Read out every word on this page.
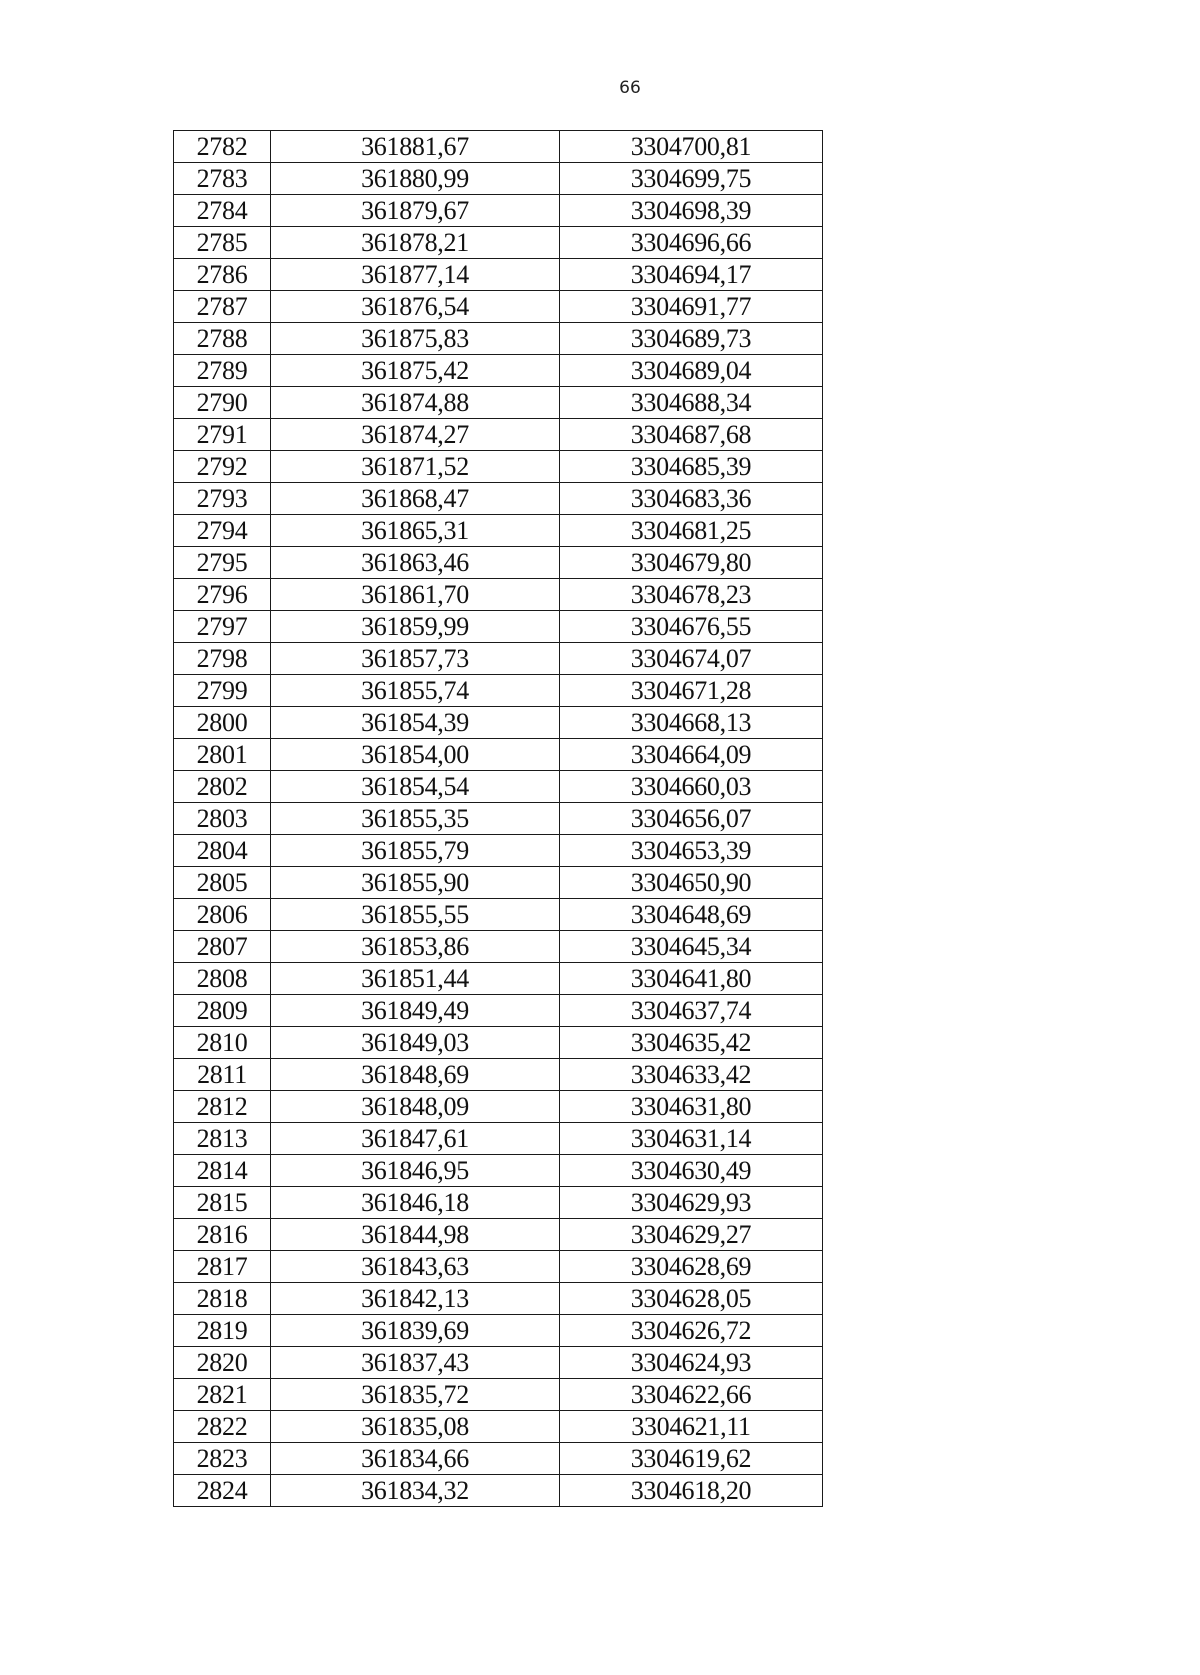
66
2782	361881,67	3304700,81
2783	361880,99	3304699,75
2784	361879,67	3304698,39
2785	361878,21	3304696,66
2786	361877,14	3304694,17
2787	361876,54	3304691,77
2788	361875,83	3304689,73
2789	361875,42	3304689,04
2790	361874,88	3304688,34
2791	361874,27	3304687,68
2792	361871,52	3304685,39
2793	361868,47	3304683,36
2794	361865,31	3304681,25
2795	361863,46	3304679,80
2796	361861,70	3304678,23
2797	361859,99	3304676,55
2798	361857,73	3304674,07
2799	361855,74	3304671,28
2800	361854,39	3304668,13
2801	361854,00	3304664,09
2802	361854,54	3304660,03
2803	361855,35	3304656,07
2804	361855,79	3304653,39
2805	361855,90	3304650,90
2806	361855,55	3304648,69
2807	361853,86	3304645,34
2808	361851,44	3304641,80
2809	361849,49	3304637,74
2810	361849,03	3304635,42
2811	361848,69	3304633,42
2812	361848,09	3304631,80
2813	361847,61	3304631,14
2814	361846,95	3304630,49
2815	361846,18	3304629,93
2816	361844,98	3304629,27
2817	361843,63	3304628,69
2818	361842,13	3304628,05
2819	361839,69	3304626,72
2820	361837,43	3304624,93
2821	361835,72	3304622,66
2822	361835,08	3304621,11
2823	361834,66	3304619,62
2824	361834,32	3304618,20
